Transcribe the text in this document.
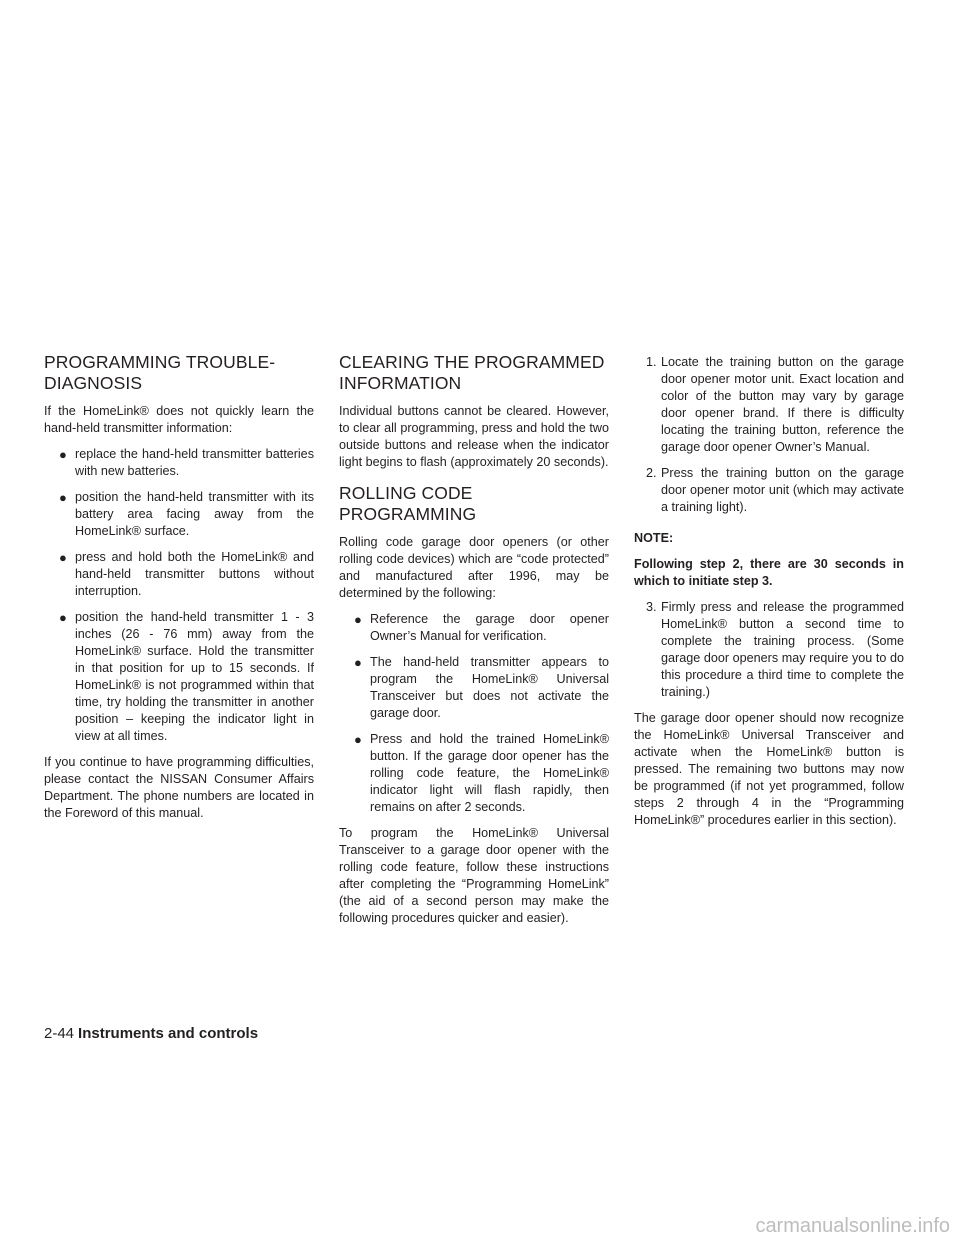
PROGRAMMING TROUBLE-
DIAGNOSIS

If the HomeLink® does not quickly learn the hand-held transmitter information:

● replace the hand-held transmitter batteries with new batteries.
● position the hand-held transmitter with its battery area facing away from the HomeLink® surface.
● press and hold both the HomeLink® and hand-held transmitter buttons without interruption.
● position the hand-held transmitter 1 - 3 inches (26 - 76 mm) away from the HomeLink® surface. Hold the transmitter in that position for up to 15 seconds. If HomeLink® is not programmed within that time, try holding the transmitter in another position – keeping the indicator light in view at all times.

If you continue to have programming difficulties, please contact the NISSAN Consumer Affairs Department. The phone numbers are located in the Foreword of this manual.

CLEARING THE PROGRAMMED
INFORMATION

Individual buttons cannot be cleared. However, to clear all programming, press and hold the two outside buttons and release when the indicator light begins to flash (approximately 20 seconds).

ROLLING CODE PROGRAMMING

Rolling code garage door openers (or other rolling code devices) which are “code protected” and manufactured after 1996, may be determined by the following:

● Reference the garage door opener Owner’s Manual for verification.
● The hand-held transmitter appears to program the HomeLink® Universal Transceiver but does not activate the garage door.
● Press and hold the trained HomeLink® button. If the garage door opener has the rolling code feature, the HomeLink® indicator light will flash rapidly, then remains on after 2 seconds.

To program the HomeLink® Universal Transceiver to a garage door opener with the rolling code feature, follow these instructions after completing the “Programming HomeLink” (the aid of a second person may make the following procedures quicker and easier).

1. Locate the training button on the garage door opener motor unit. Exact location and color of the button may vary by garage door opener brand. If there is difficulty locating the training button, reference the garage door opener Owner’s Manual.
2. Press the training button on the garage door opener motor unit (which may activate a training light).

NOTE:

Following step 2, there are 30 seconds in which to initiate step 3.

3. Firmly press and release the programmed HomeLink® button a second time to complete the training process. (Some garage door openers may require you to do this procedure a third time to complete the training.)

The garage door opener should now recognize the HomeLink® Universal Transceiver and activate when the HomeLink® button is pressed. The remaining two buttons may now be programmed (if not yet programmed, follow steps 2 through 4 in the “Programming HomeLink®” procedures earlier in this section).

2-44 Instruments and controls
carmanualsonline.info
